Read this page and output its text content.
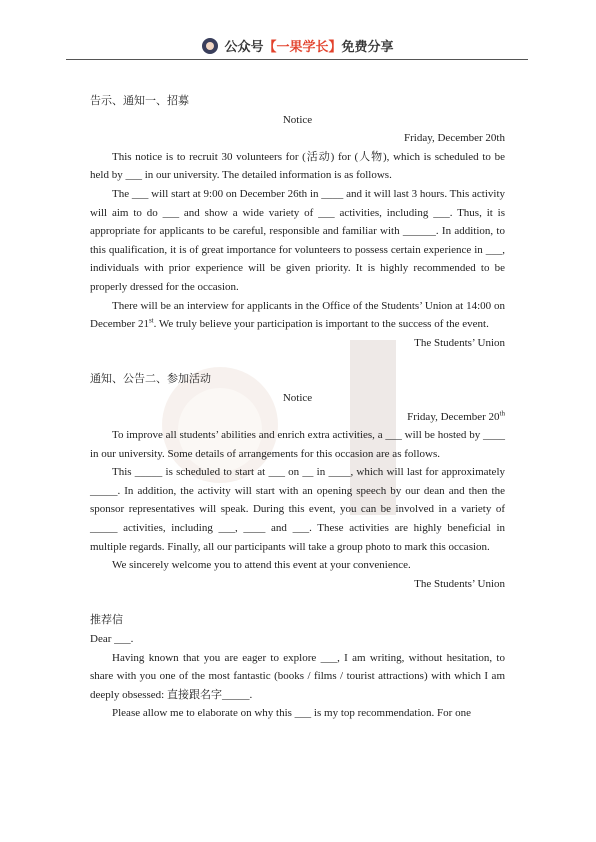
公众号【一果学长】免费分享
告示、通知一、招募
Notice
Friday, December 20th
This notice is to recruit 30 volunteers for (活动) for (人物), which is scheduled to be held by ___ in our university. The detailed information is as follows.
The ___ will start at 9:00 on December 26th in ____ and it will last 3 hours. This activity will aim to do ___ and show a wide variety of ___ activities, including ___. Thus, it is appropriate for applicants to be careful, responsible and familiar with ______. In addition, to this qualification, it is of great importance for volunteers to possess certain experience in ___, individuals with prior experience will be given priority. It is highly recommended to be properly dressed for the occasion.
There will be an interview for applicants in the Office of the Students’ Union at 14:00 on December 21st. We truly believe your participation is important to the success of the event.
The Students’ Union
通知、公告二、参加活动
Notice
Friday, December 20th
To improve all students’ abilities and enrich extra activities, a ___ will be hosted by ____ in our university. Some details of arrangements for this occasion are as follows.
This _____ is scheduled to start at ___ on __ in ____, which will last for approximately _____. In addition, the activity will start with an opening speech by our dean and then the sponsor representatives will speak. During this event, you can be involved in a variety of _____ activities, including ___, ____ and ___. These activities are highly beneficial in multiple regards. Finally, all our participants will take a group photo to mark this occasion.
We sincerely welcome you to attend this event at your convenience.
The Students’ Union
推荐信
Dear ___.
Having known that you are eager to explore ___, I am writing, without hesitation, to share with you one of the most fantastic (books / films / tourist attractions) with which I am deeply obsessed: 直接跟名字_____.
Please allow me to elaborate on why this ___ is my top recommendation. For one
